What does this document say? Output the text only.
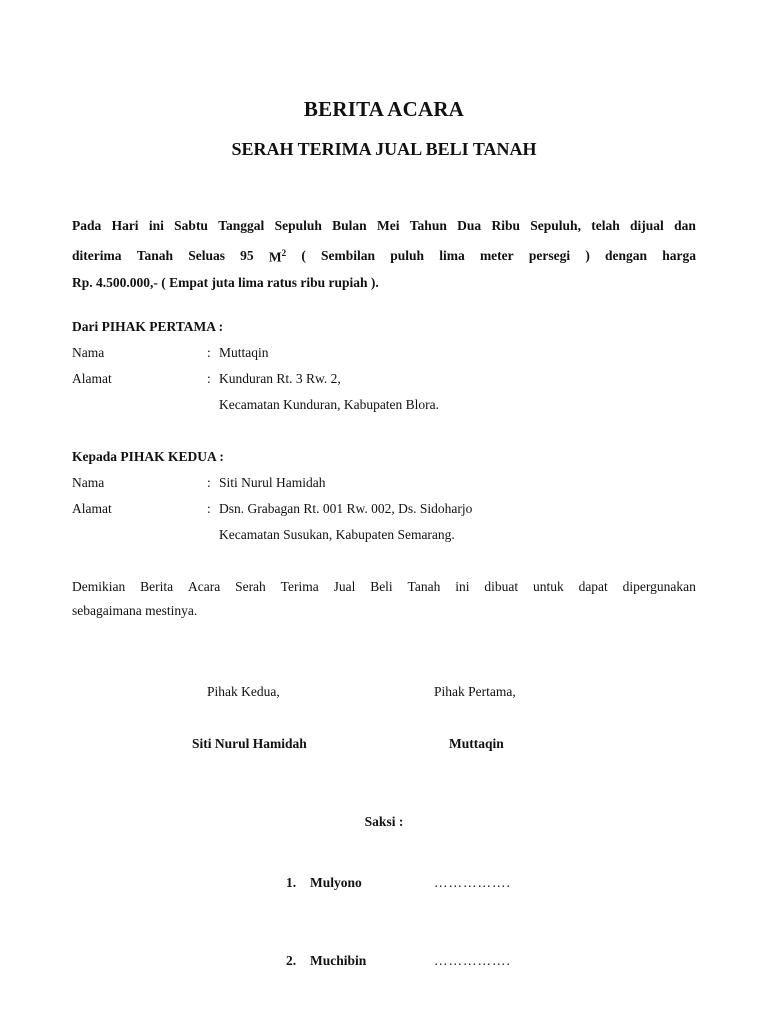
BERITA ACARA
SERAH TERIMA JUAL BELI TANAH
Pada Hari ini Sabtu Tanggal Sepuluh Bulan Mei Tahun Dua Ribu Sepuluh, telah dijual dan
diterima Tanah Seluas 95 $M^2$ ( Sembilan puluh lima meter persegi ) dengan harga
Rp. 4.500.000,- ( Empat juta lima ratus ribu rupiah ).
Dari PIHAK PERTAMA :
Nama	: Muttaqin
Alamat	: Kunduran Rt. 3 Rw. 2,
Kecamatan Kunduran, Kabupaten Blora.
Kepada PIHAK KEDUA :
Nama	: Siti Nurul Hamidah
Alamat	: Dsn. Grabagan Rt. 001 Rw. 002, Ds. Sidoharjo
Kecamatan Susukan, Kabupaten Semarang.
Demikian Berita Acara Serah Terima Jual Beli Tanah ini dibuat untuk dapat dipergunakan
sebagaimana mestinya.
Pihak Kedua,	Pihak Pertama,
Siti Nurul Hamidah	Muttaqin
Saksi :
1. Mulyono	…………….
2. Muchibin	…………….
